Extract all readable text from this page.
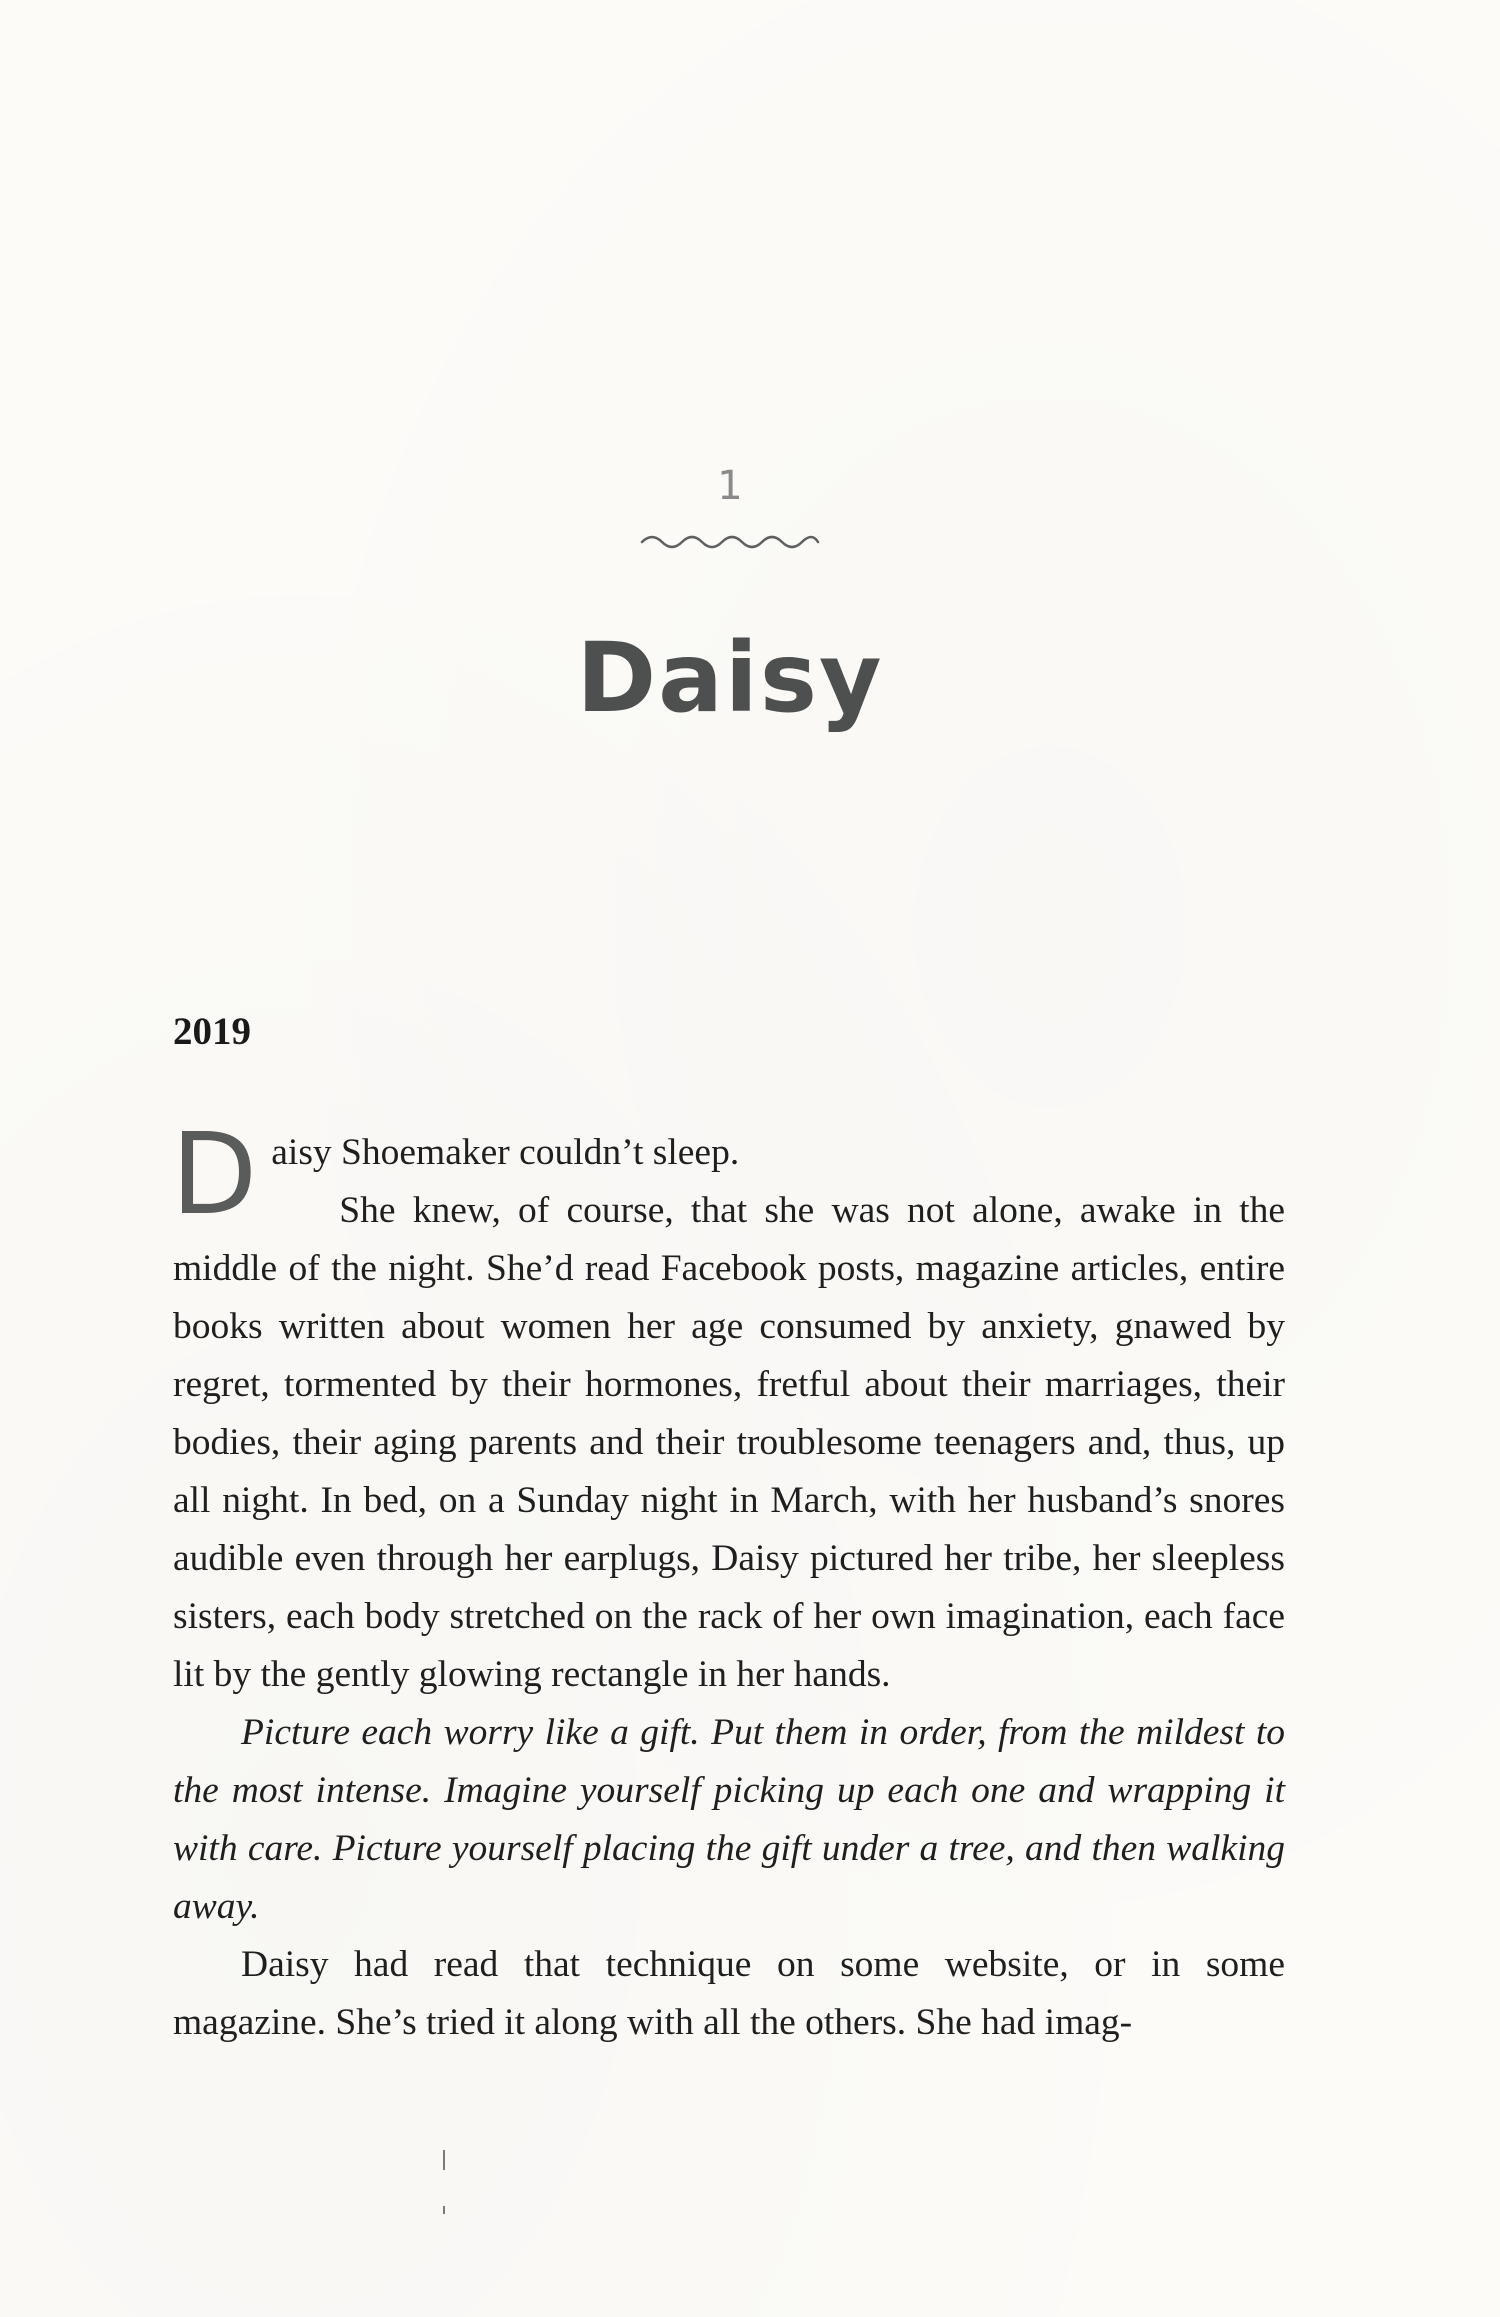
1
Daisy
2019

Daisy Shoemaker couldn’t sleep.

She knew, of course, that she was not alone, awake in the middle of the night. She’d read Facebook posts, magazine articles, entire books written about women her age consumed by anxiety, gnawed by regret, tormented by their hormones, fretful about their marriages, their bodies, their aging parents and their troublesome teenagers and, thus, up all night. In bed, on a Sunday night in March, with her husband’s snores audible even through her earplugs, Daisy pictured her tribe, her sleepless sisters, each body stretched on the rack of her own imagination, each face lit by the gently glowing rectangle in her hands.

Picture each worry like a gift. Put them in order, from the mildest to the most intense. Imagine yourself picking up each one and wrapping it with care. Picture yourself placing the gift under a tree, and then walking away.

Daisy had read that technique on some website, or in some magazine. She’s tried it along with all the others. She had imag-
